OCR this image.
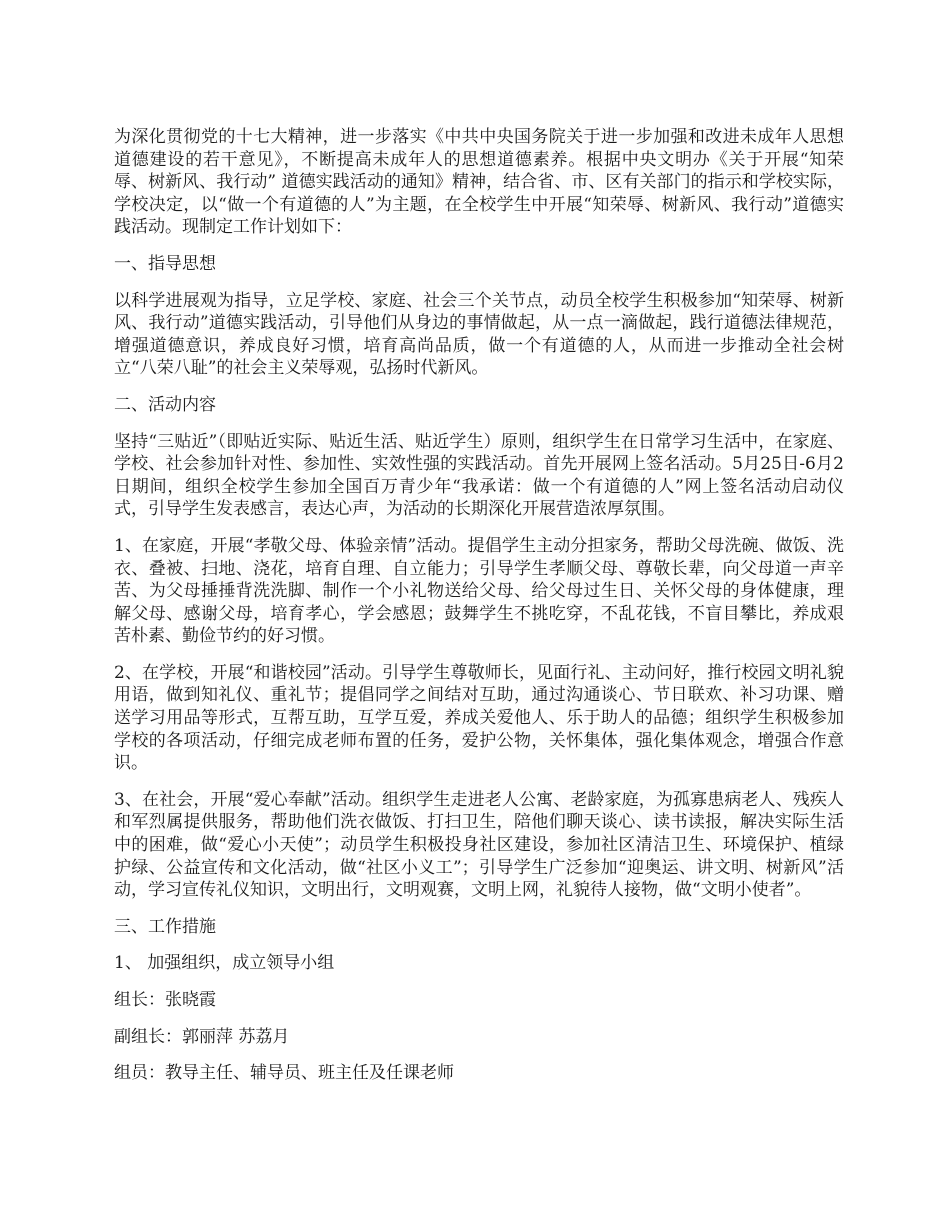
为深化贯彻党的十七大精神，进一步落实《中共中央国务院关于进一步加强和改进未成年人思想道德建设的若干意见》，不断提高未成年人的思想道德素养。根据中央文明办《关于开展“知荣辱、树新风、我行动” 道德实践活动的通知》精神，结合省、市、区有关部门的指示和学校实际，学校决定，以“做一个有道德的人”为主题，在全校学生中开展“知荣辱、树新风、我行动”道德实践活动。现制定工作计划如下：

一、指导思想

以科学进展观为指导，立足学校、家庭、社会三个关节点，动员全校学生积极参加“知荣辱、树新风、我行动”道德实践活动，引导他们从身边的事情做起，从一点一滴做起，践行道德法律规范，增强道德意识，养成良好习惯，培育高尚品质，做一个有道德的人，从而进一步推动全社会树立“八荣八耻”的社会主义荣辱观，弘扬时代新风。

二、活动内容

坚持“三贴近”（即贴近实际、贴近生活、贴近学生）原则，组织学生在日常学习生活中，在家庭、学校、社会参加针对性、参加性、实效性强的实践活动。首先开展网上签名活动。5月25日-6月2日期间，组织全校学生参加全国百万青少年“我承诺：做一个有道德的人”网上签名活动启动仪式，引导学生发表感言，表达心声，为活动的长期深化开展营造浓厚氛围。

1、在家庭，开展“孝敬父母、体验亲情”活动。提倡学生主动分担家务，帮助父母洗碗、做饭、洗衣、叠被、扫地、浇花，培育自理、自立能力；引导学生孝顺父母、尊敬长辈，向父母道一声辛苦、为父母捶捶背洗洗脚、制作一个小礼物送给父母、给父母过生日、关怀父母的身体健康，理解父母、感谢父母，培育孝心，学会感恩；鼓舞学生不挑吃穿，不乱花钱，不盲目攀比，养成艰苦朴素、勤俭节约的好习惯。

2、在学校，开展“和谐校园”活动。引导学生尊敬师长，见面行礼、主动问好，推行校园文明礼貌用语，做到知礼仪、重礼节；提倡同学之间结对互助，通过沟通谈心、节日联欢、补习功课、赠送学习用品等形式，互帮互助，互学互爱，养成关爱他人、乐于助人的品德；组织学生积极参加学校的各项活动，仔细完成老师布置的任务，爱护公物，关怀集体，强化集体观念，增强合作意识。

3、在社会，开展“爱心奉献”活动。组织学生走进老人公寓、老龄家庭，为孤寡患病老人、残疾人和军烈属提供服务，帮助他们洗衣做饭、打扫卫生，陪他们聊天谈心、读书读报，解决实际生活中的困难，做“爱心小天使”；动员学生积极投身社区建设，参加社区清洁卫生、环境保护、植绿护绿、公益宣传和文化活动，做“社区小义工”；引导学生广泛参加“迎奥运、讲文明、树新风”活动，学习宣传礼仪知识，文明出行，文明观赛，文明上网，礼貌待人接物，做“文明小使者”。

三、工作措施

1、 加强组织，成立领导小组

组长：张晓霞

副组长：郭丽萍 苏荔月

组员：教导主任、辅导员、班主任及任课老师
